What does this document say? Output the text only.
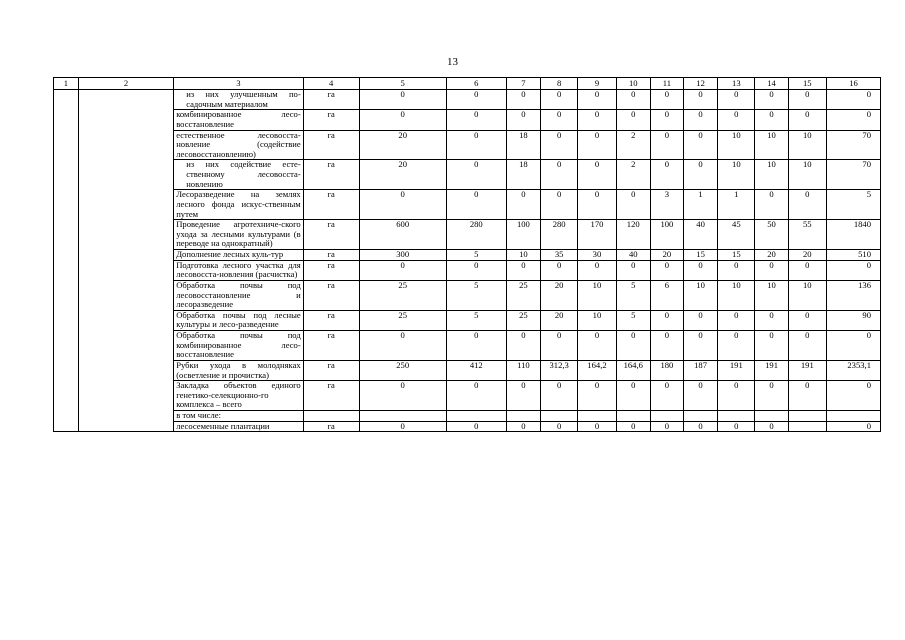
13
1	2	3	4	5	6	7	8	9	10	11	12	13	14	15	16
		из них улучшенным по-садочным материалом	га	0	0	0	0	0	0	0	0	0	0	0	0
		комбинированное лесо-восстановление	га	0	0	0	0	0	0	0	0	0	0	0	0
		естественное лесовосста-новление (содействие лесовосстановлению)	га	20	0	18	0	0	2	0	0	10	10	10	70
		из них содействие есте-ственному лесовосста-новлению	га	20	0	18	0	0	2	0	0	10	10	10	70
		Лесоразведение на землях лесного фонда искус-ственным путем	га	0	0	0	0	0	0	3	1	1	0	0	5
		Проведение агротехниче-ского ухода за лесными культурами (в переводе на однократный)	га	600	280	100	280	170	120	100	40	45	50	55	1840
		Дополнение лесных куль-тур	га	300	5	10	35	30	40	20	15	15	20	20	510
		Подготовка лесного участка для лесовосста-новления (расчистка)	га	0	0	0	0	0	0	0	0	0	0	0	0
		Обработка почвы под лесовосстановление и лесоразведение	га	25	5	25	20	10	5	6	10	10	10	10	136
		Обработка почвы под лесные культуры и лесо-разведение	га	25	5	25	20	10	5	0	0	0	0	0	90
		Обработка почвы под комбинированное лесо-восстановление	га	0	0	0	0	0	0	0	0	0	0	0	0
		Рубки ухода в молодняках (осветление и прочистка)	га	250	412	110	312,3	164,2	164,6	180	187	191	191	191	2353,1
		Закладка объектов единого генетико-селекционно-го комплекса – всего	га	0	0	0	0	0	0	0	0	0	0	0	0
		в том числе:													
		лесосеменные плантации	га	0	0	0	0	0	0	0	0	0	0		0
